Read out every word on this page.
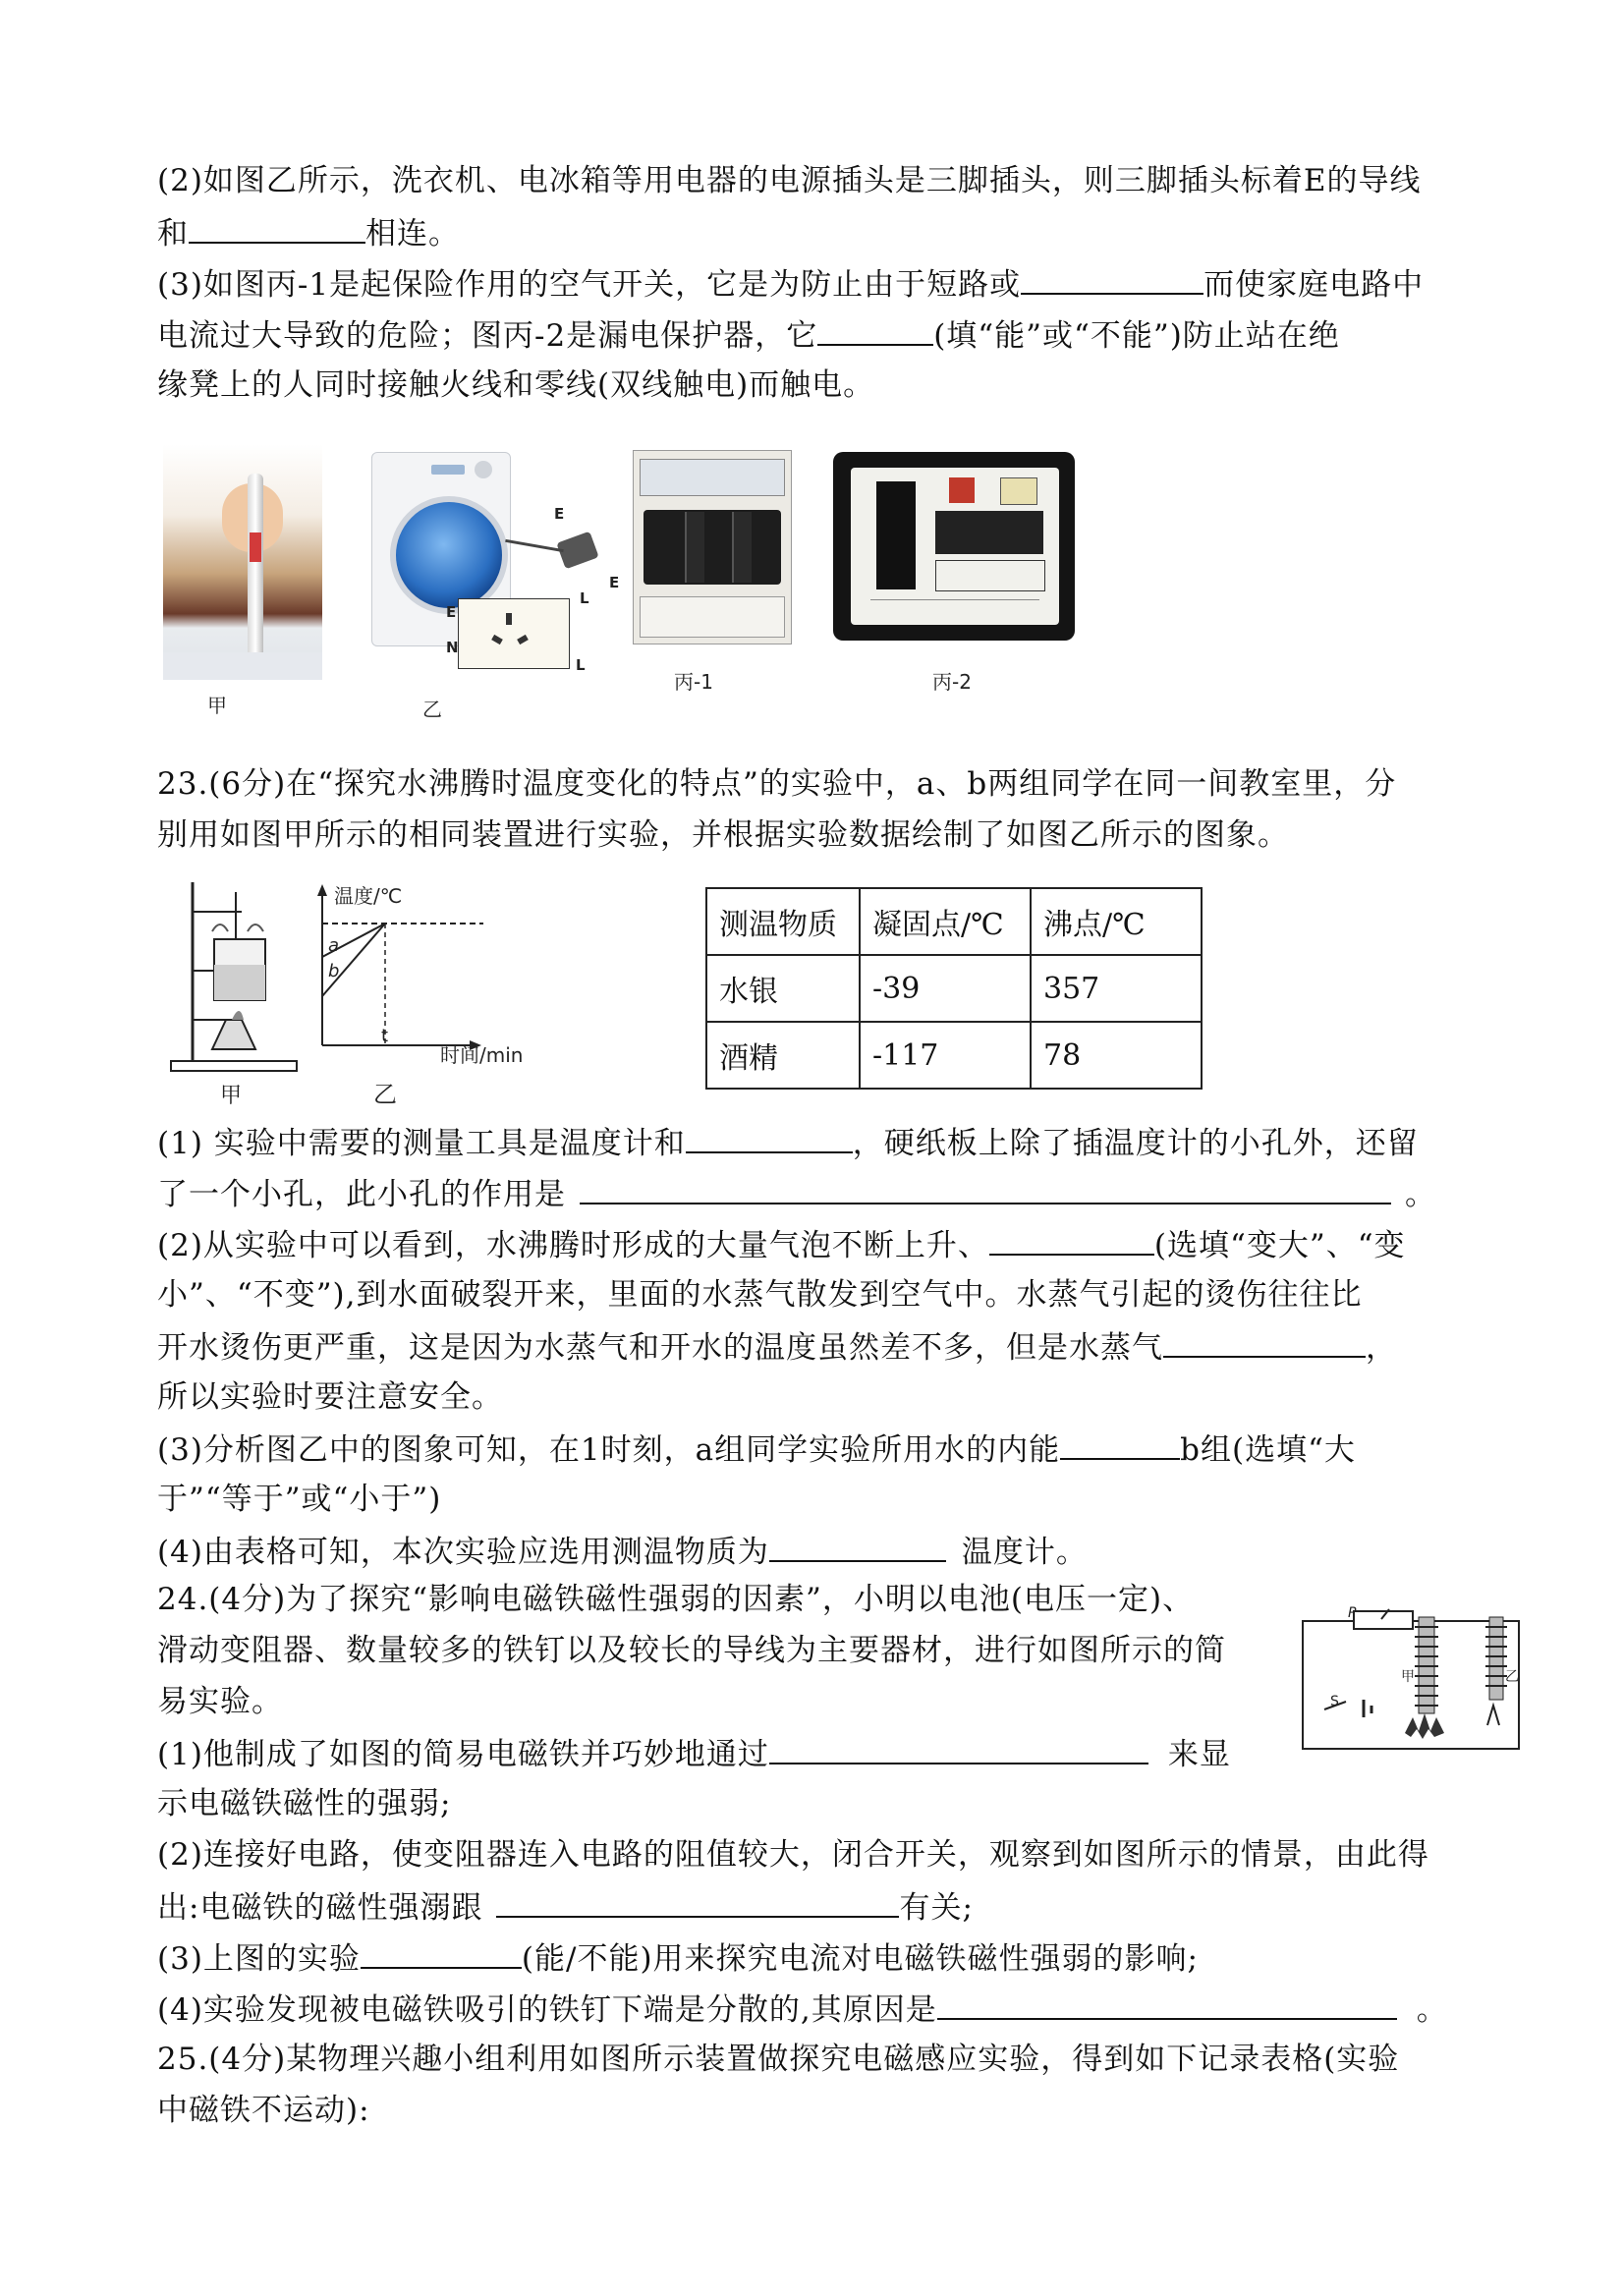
(2)如图乙所示，洗衣机、电冰箱等用电器的电源插头是三脚插头，则三脚插头标着E的导线
和	相连。
(3)如图丙-1是起保险作用的空气开关，它是为防止由于短路或	而使家庭电路中
电流过大导致的危险；图丙-2是漏电保护器，它	(填“能”或“不能”)防止站在绝
缘凳上的人同时接触火线和零线(双线触电)而触电。
甲
E
L
E
E
N
L
乙
丙-1	丙-2
23.(6分)在“探究水沸腾时温度变化的特点”的实验中，a、b两组同学在同一间教室里，分
别用如图甲所示的相同装置进行实验，并根据实验数据绘制了如图乙所示的图象。
甲
温度/℃
时间/min
a
b
t
乙
测温物质	凝固点/℃	沸点/℃
水银	-39	357
酒精	-117	78
(1) 实验中需要的测量工具是温度计和	，硬纸板上除了插温度计的小孔外，还留
了一个小孔，此小孔的作用是	。
(2)从实验中可以看到，水沸腾时形成的大量气泡不断上升、	(选填“变大”、“变
小”、“不变”),到水面破裂开来，里面的水蒸气散发到空气中。水蒸气引起的烫伤往往比
开水烫伤更严重，这是因为水蒸气和开水的温度虽然差不多，但是水蒸气	，
所以实验时要注意安全。
(3)分析图乙中的图象可知，在1时刻，a组同学实验所用水的内能	b组(选填“大
于”“等于”或“小于”)
(4)由表格可知，本次实验应选用测温物质为	温度计。
24.(4分)为了探究“影响电磁铁磁性强弱的因素”，小明以电池(电压一定)、
滑动变阻器、数量较多的铁钉以及较长的导线为主要器材，进行如图所示的简
易实验。
P
S
甲	乙
(1)他制成了如图的简易电磁铁并巧妙地通过	来显
示电磁铁磁性的强弱;
(2)连接好电路，使变阻器连入电路的阻值较大，闭合开关，观察到如图所示的情景，由此得
出:电磁铁的磁性强溺跟	有关;
(3)上图的实验	(能/不能)用来探究电流对电磁铁磁性强弱的影响;
(4)实验发现被电磁铁吸引的铁钉下端是分散的,其原因是	。
25.(4分)某物理兴趣小组利用如图所示装置做探究电磁感应实验，得到如下记录表格(实验
中磁铁不运动):
